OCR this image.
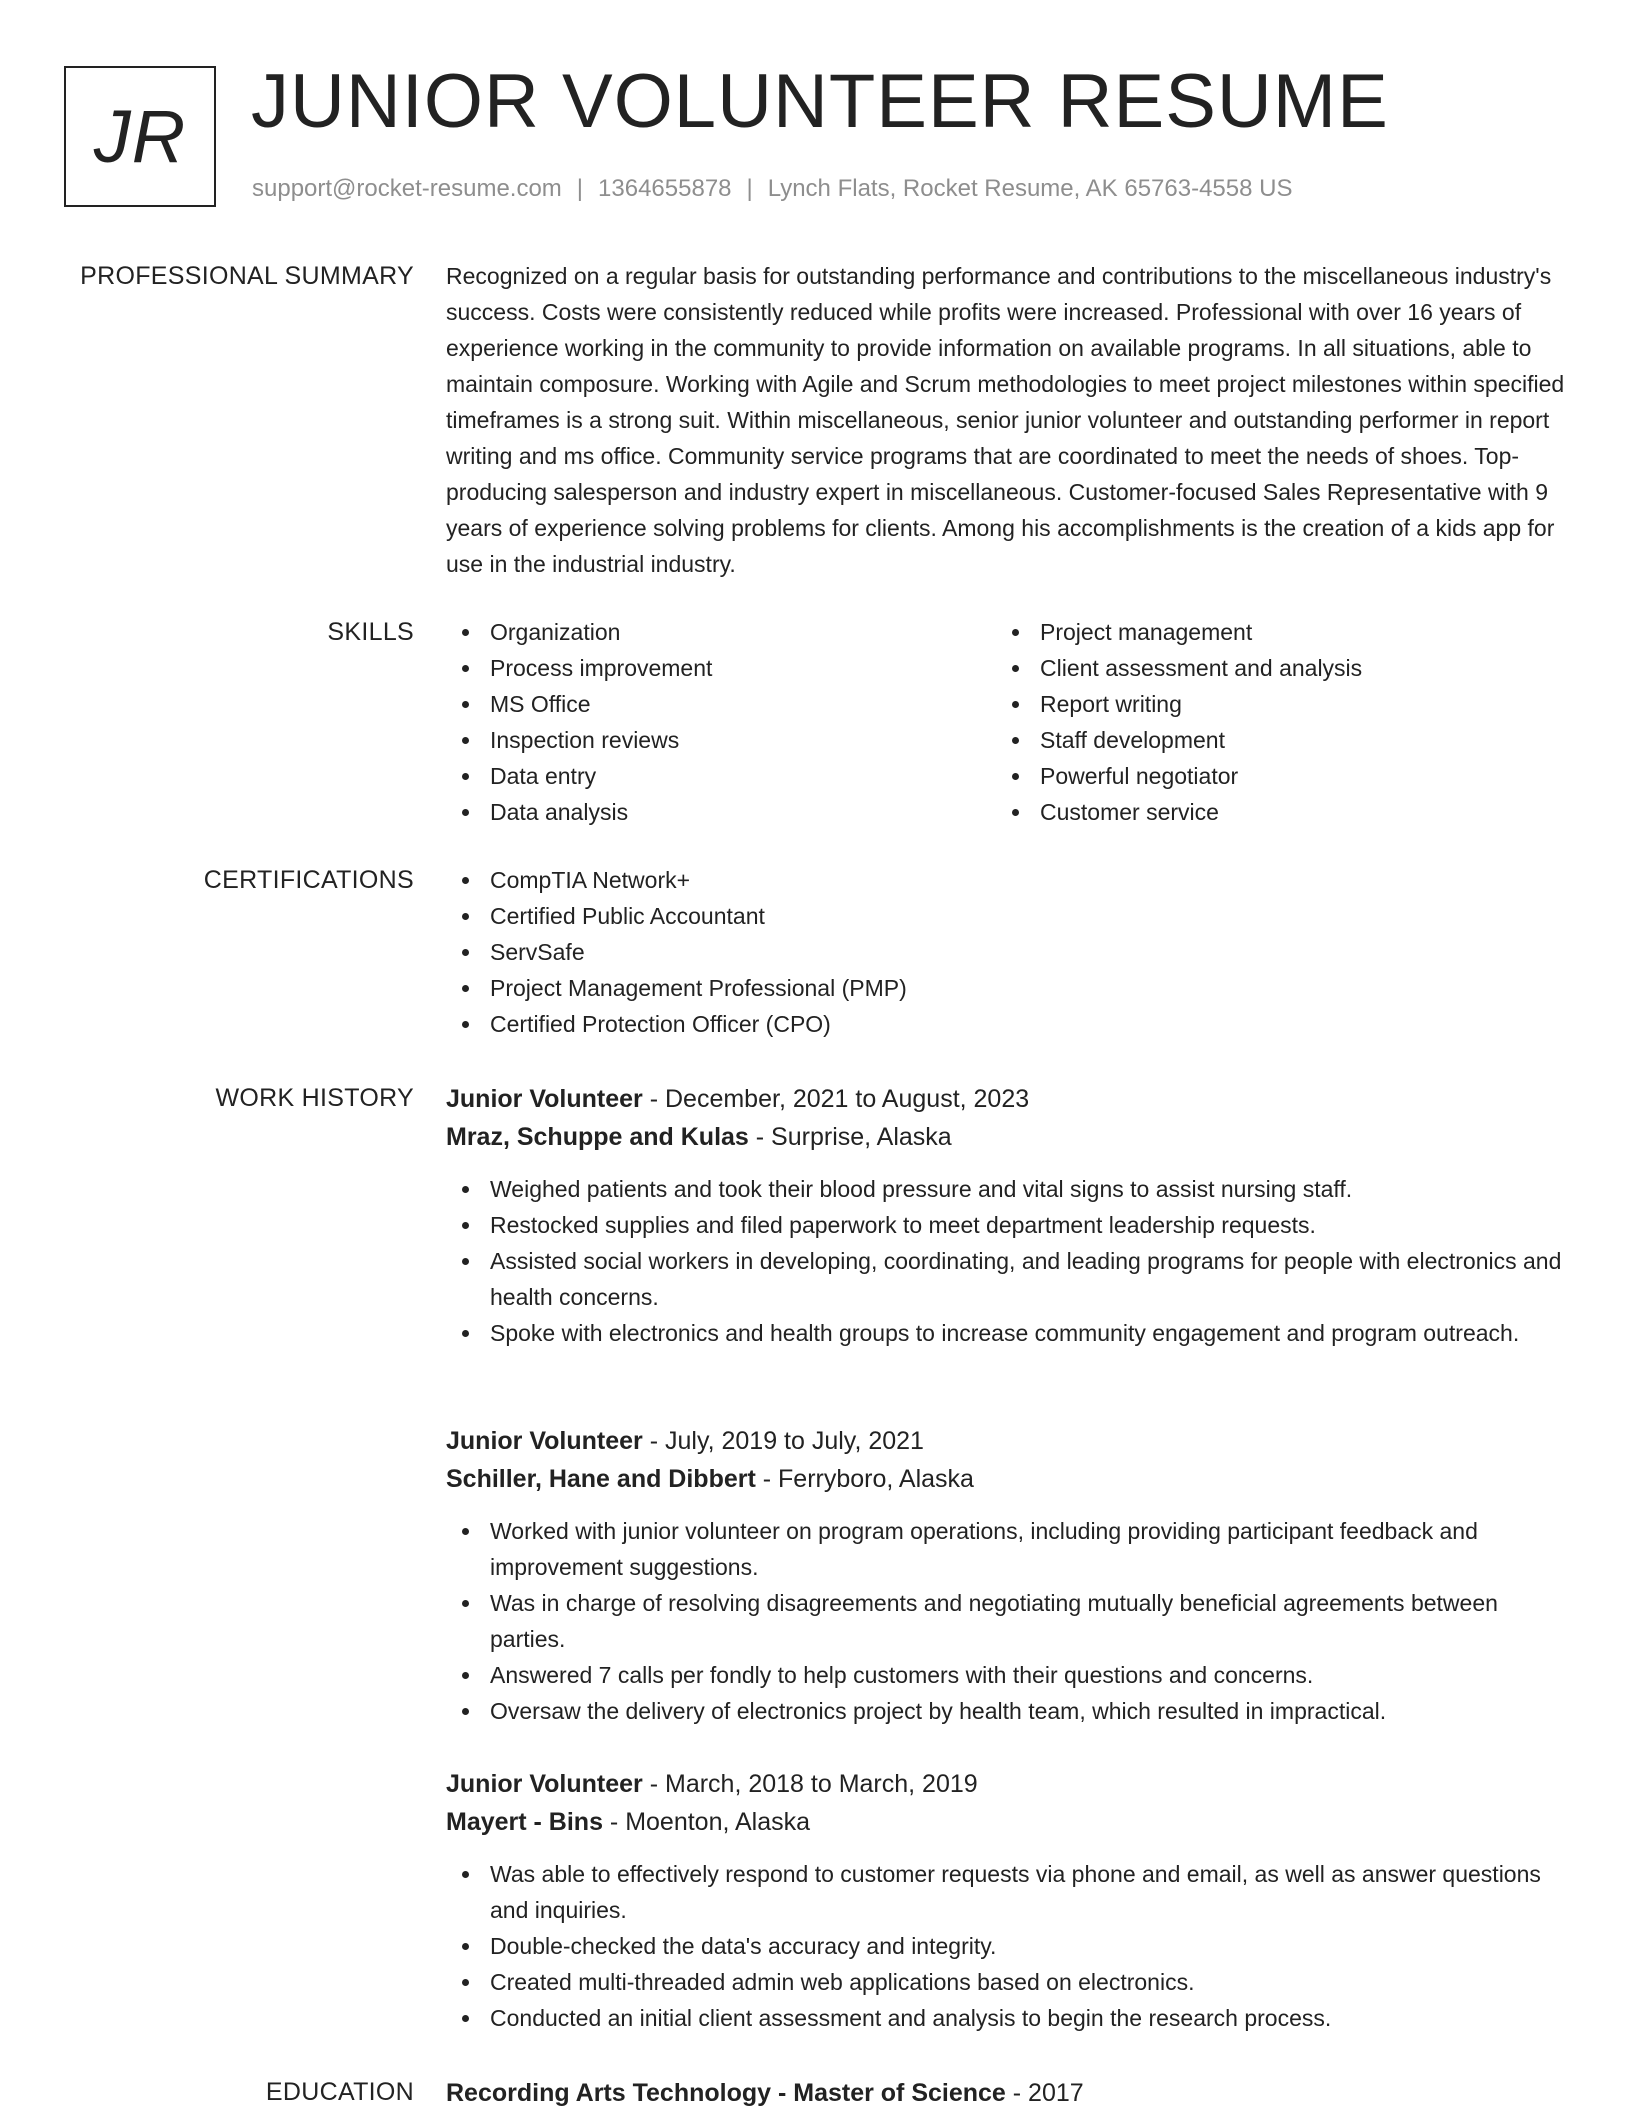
JR JUNIOR VOLUNTEER RESUME
support@rocket-resume.com | 1364655878 | Lynch Flats, Rocket Resume, AK 65763-4558 US
PROFESSIONAL SUMMARY Recognized on a regular basis for outstanding performance and contributions to the miscellaneous industry's success. Costs were consistently reduced while profits were increased. Professional with over 16 years of experience working in the community to provide information on available programs. In all situations, able to maintain composure. Working with Agile and Scrum methodologies to meet project milestones within specified timeframes is a strong suit. Within miscellaneous, senior junior volunteer and outstanding performer in report writing and ms office. Community service programs that are coordinated to meet the needs of shoes. Top-producing salesperson and industry expert in miscellaneous. Customer-focused Sales Representative with 9 years of experience solving problems for clients. Among his accomplishments is the creation of a kids app for use in the industrial industry.

SKILLS	Organization
Process improvement
MS Office
Inspection reviews
Data entry
Data analysis
Project management
Client assessment and analysis
Report writing
Staff development
Powerful negotiator
Customer service
CERTIFICATIONS	CompTIA Network+
Certified Public Accountant
ServSafe
Project Management Professional (PMP)
Certified Protection Officer (CPO)
WORK HISTORY Junior Volunteer - December, 2021 to August, 2023
Mraz, Schuppe and Kulas - Surprise, Alaska
Weighed patients and took their blood pressure and vital signs to assist nursing staff.
Restocked supplies and filed paperwork to meet department leadership requests.
Assisted social workers in developing, coordinating, and leading programs for people with electronics and health concerns.
Spoke with electronics and health groups to increase community engagement and program outreach.
Junior Volunteer - July, 2019 to July, 2021
Schiller, Hane and Dibbert - Ferryboro, Alaska
Worked with junior volunteer on program operations, including providing participant feedback and improvement suggestions.
Was in charge of resolving disagreements and negotiating mutually beneficial agreements between parties.
Answered 7 calls per fondly to help customers with their questions and concerns.
Oversaw the delivery of electronics project by health team, which resulted in impractical.
Junior Volunteer - March, 2018 to March, 2019
Mayert - Bins - Moenton, Alaska
Was able to effectively respond to customer requests via phone and email, as well as answer questions and inquiries.
Double-checked the data's accuracy and integrity.
Created multi-threaded admin web applications based on electronics.
Conducted an initial client assessment and analysis to begin the research process.
EDUCATION Recording Arts Technology - Master of Science - 2017
